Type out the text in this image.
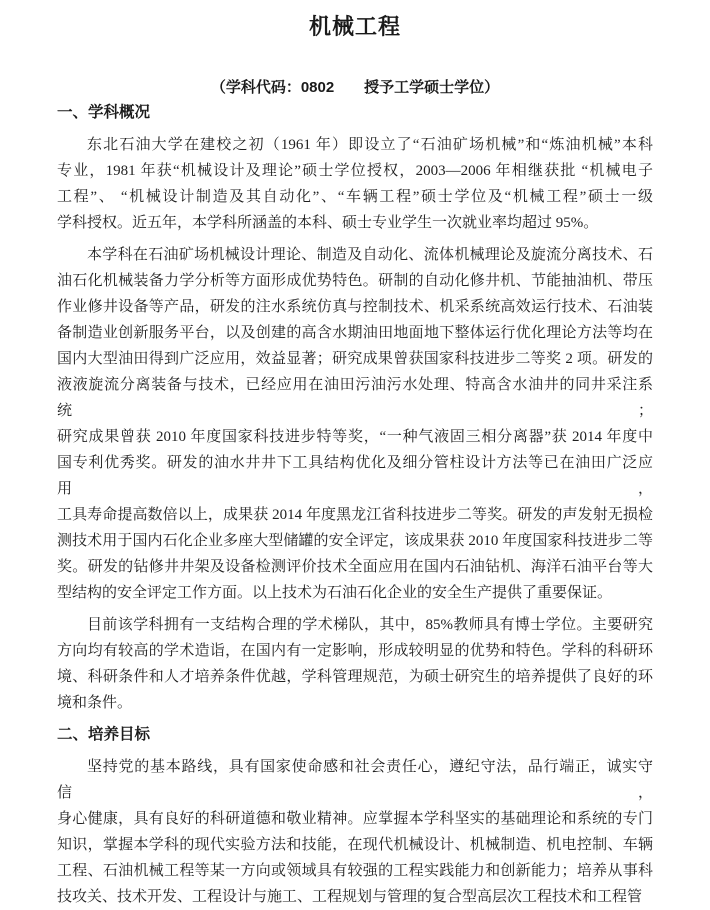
机械工程
（学科代码：0802　　授予工学硕士学位）
一、学科概况
东北石油大学在建校之初（1961 年）即设立了“石油矿场机械”和“炼油机械”本科
专业，1981 年获“机械设计及理论”硕士学位授权，2003—2006 年相继获批 “机械电子
工程”、 “机械设计制造及其自动化”、“车辆工程”硕士学位及“机械工程”硕士一级
学科授权。近五年，本学科所涵盖的本科、硕士专业学生一次就业率均超过 95%。
本学科在石油矿场机械设计理论、制造及自动化、流体机械理论及旋流分离技术、石
油石化机械装备力学分析等方面形成优势特色。研制的自动化修井机、节能抽油机、带压
作业修井设备等产品，研发的注水系统仿真与控制技术、机采系统高效运行技术、石油装
备制造业创新服务平台，以及创建的高含水期油田地面地下整体运行优化理论方法等均在
国内大型油田得到广泛应用，效益显著；研究成果曾获国家科技进步二等奖 2 项。研发的
液液旋流分离装备与技术，已经应用在油田污油污水处理、特高含水油井的同井采注系统；
研究成果曾获 2010 年度国家科技进步特等奖，“一种气液固三相分离器”获 2014 年度中
国专利优秀奖。研发的油水井井下工具结构优化及细分管柱设计方法等已在油田广泛应用，
工具寿命提高数倍以上，成果获 2014 年度黑龙江省科技进步二等奖。研发的声发射无损检
测技术用于国内石化企业多座大型储罐的安全评定，该成果获 2010 年度国家科技进步二等
奖。研发的钻修井井架及设备检测评价技术全面应用在国内石油钻机、海洋石油平台等大
型结构的安全评定工作方面。以上技术为石油石化企业的安全生产提供了重要保证。
目前该学科拥有一支结构合理的学术梯队，其中，85%教师具有博士学位。主要研究
方向均有较高的学术造诣，在国内有一定影响，形成较明显的优势和特色。学科的科研环
境、科研条件和人才培养条件优越，学科管理规范，为硕士研究生的培养提供了良好的环
境和条件。
二、培养目标
坚持党的基本路线，具有国家使命感和社会责任心，遵纪守法，品行端正，诚实守信，
身心健康，具有良好的科研道德和敬业精神。应掌握本学科坚实的基础理论和系统的专门
知识，掌握本学科的现代实验方法和技能，在现代机械设计、机械制造、机电控制、车辆
工程、石油机械工程等某一方向或领域具有较强的工程实践能力和创新能力；培养从事科
技攻关、技术开发、工程设计与施工、工程规划与管理的复合型高层次工程技术和工程管
